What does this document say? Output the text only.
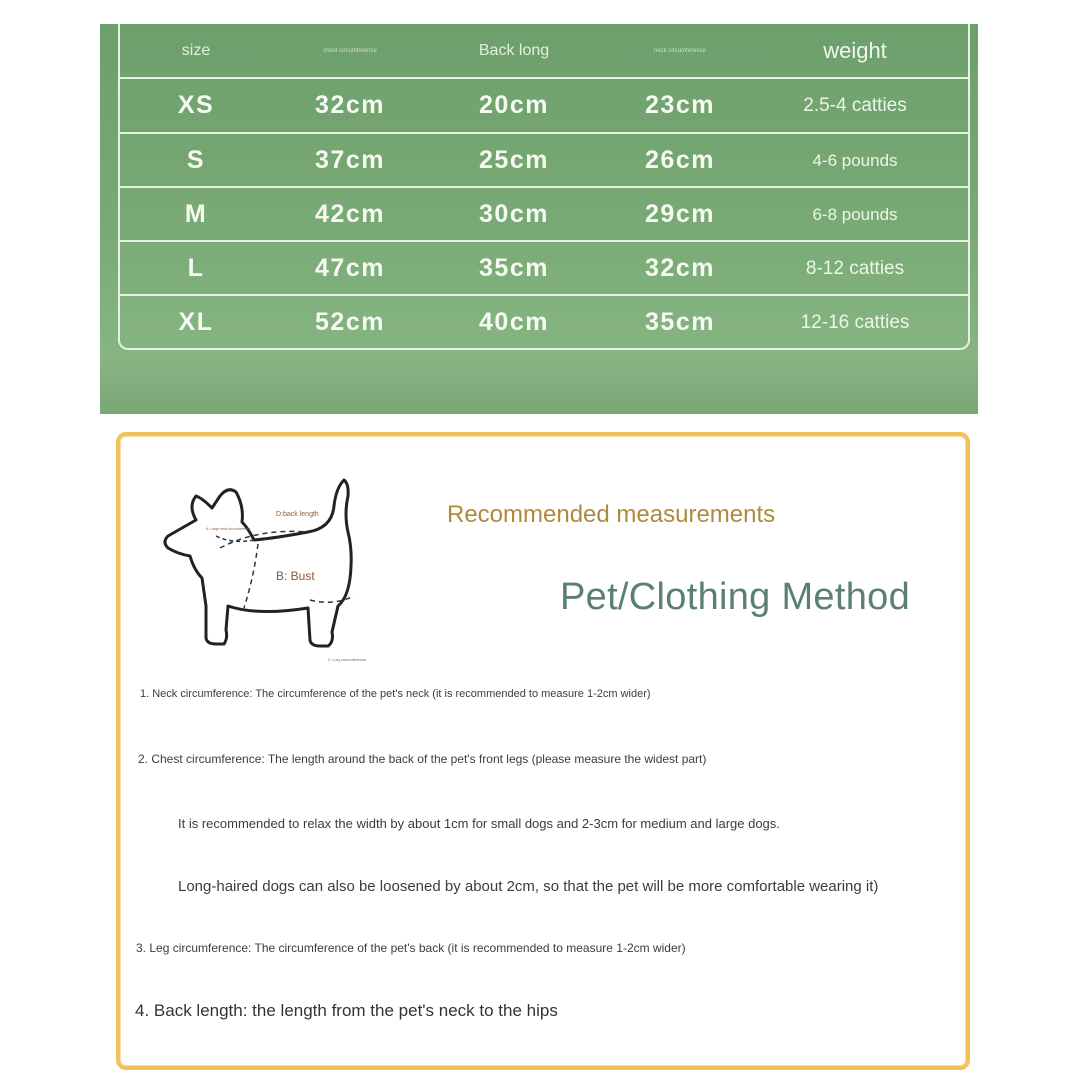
size	chest circumference	Back long	neck circumference	weight
XS	32cm	20cm	23cm	2.5-4 catties
S	37cm	25cm	26cm	4-6 pounds
M	42cm	30cm	29cm	6-8 pounds
L	47cm	35cm	32cm	8-12 catties
XL	52cm	40cm	35cm	12-16 catties
D:back length
A: Large neck circumference
B: Bust
C: Leg circumference
Recommended measurements
Pet/Clothing Method
1. Neck circumference: The circumference of the pet's neck (it is recommended to measure 1-2cm wider)
2. Chest circumference: The length around the back of the pet's front legs (please measure the widest part)
It is recommended to relax the width by about 1cm for small dogs and 2-3cm for medium and large dogs.
Long-haired dogs can also be loosened by about 2cm, so that the pet will be more comfortable wearing it)
3. Leg circumference: The circumference of the pet's back (it is recommended to measure 1-2cm wider)
4. Back length: the length from the pet's neck to the hips
